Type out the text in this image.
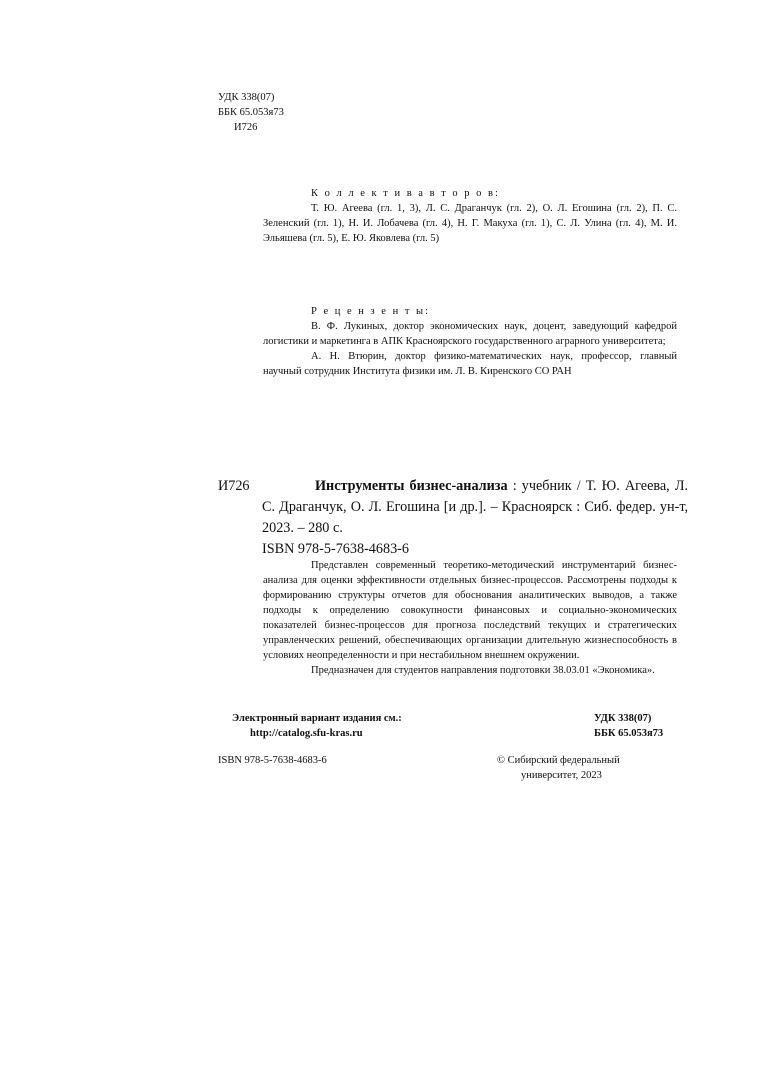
УДК 338(07)
ББК 65.053я73
И726
К о л л е к т и в а в т о р о в:
Т. Ю. Агеева (гл. 1, 3), Л. С. Драганчук (гл. 2), О. Л. Егошина (гл. 2), П. С. Зеленский (гл. 1), Н. И. Лобачева (гл. 4), Н. Г. Макуха (гл. 1), С. Л. Улина (гл. 4), М. И. Эльяшева (гл. 5), Е. Ю. Яковлева (гл. 5)
Р е ц е н з е н т ы:
В. Ф. Лукиных, доктор экономических наук, доцент, заведующий кафедрой логистики и маркетинга в АПК Красноярского государственного аграрного университета;
А. Н. Втюрин, доктор физико-математических наук, профессор, главный научный сотрудник Института физики им. Л. В. Киренского СО РАН
И726	Инструменты бизнес-анализа : учебник / Т. Ю. Агеева, Л. С. Драганчук, О. Л. Егошина [и др.]. – Красноярск : Сиб. федер. ун-т, 2023. – 280 с.
ISBN 978-5-7638-4683-6
Представлен современный теоретико-методический инструментарий бизнес-анализа для оценки эффективности отдельных бизнес-процессов. Рассмотрены подходы к формированию структуры отчетов для обоснования аналитических выводов, а также подходы к определению совокупности финансовых и социально-экономических показателей бизнес-процессов для прогноза последствий текущих и стратегических управленческих решений, обеспечивающих организации длительную жизнеспособность в условиях неопределенности и при нестабильном внешнем окружении.
Предназначен для студентов направления подготовки 38.03.01 «Экономика».
Электронный вариант издания см.:
http://catalog.sfu-kras.ru
УДК 338(07)
ББК 65.053я73
ISBN 978-5-7638-4683-6	© Сибирский федеральный
университет, 2023
